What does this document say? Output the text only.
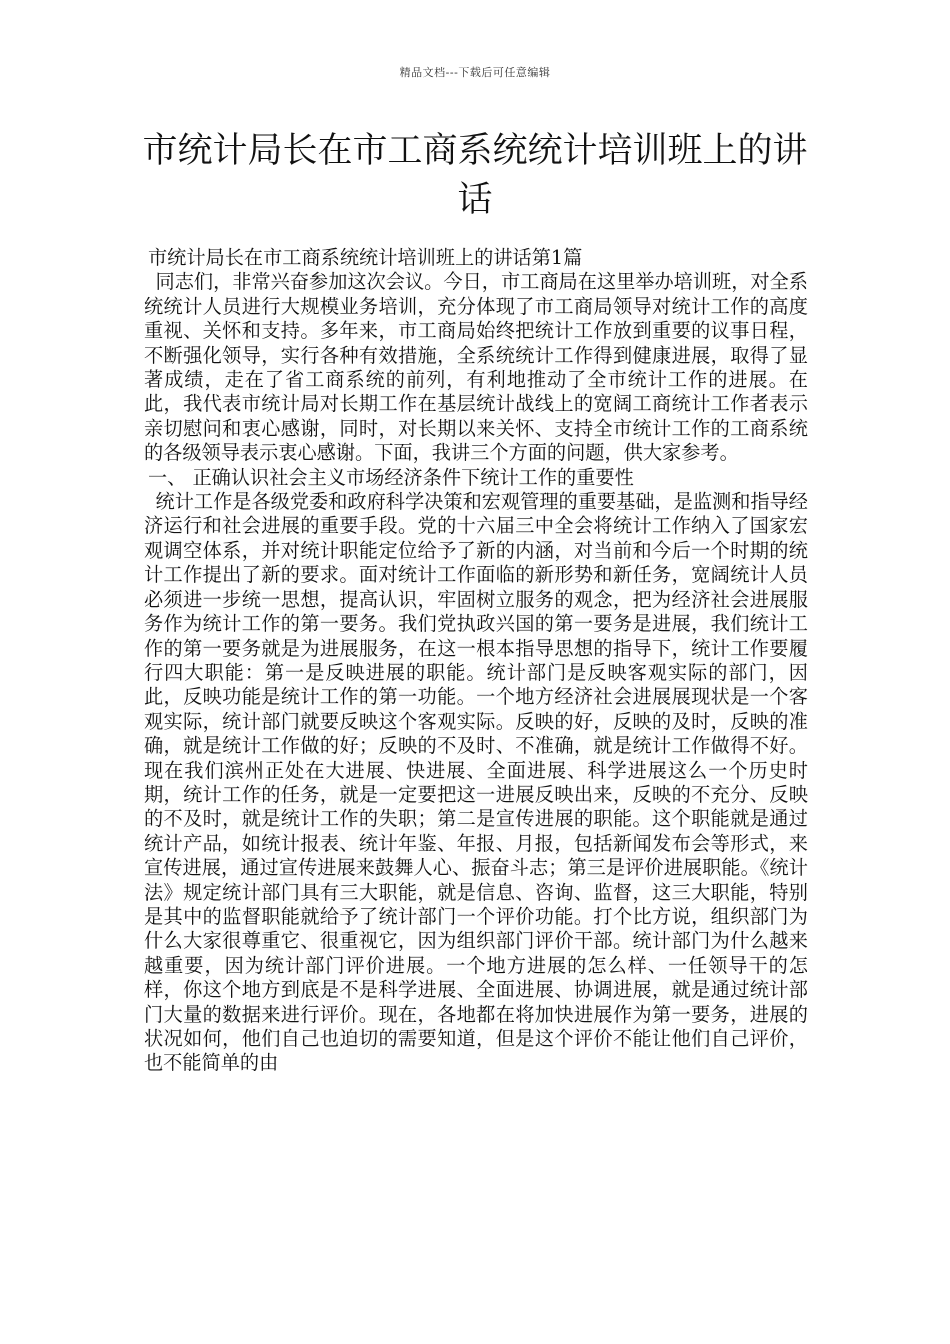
精品文档---下载后可任意编辑
市统计局长在市工商系统统计培训班上的讲话

市统计局长在市工商系统统计培训班上的讲话第1篇

同志们，非常兴奋参加这次会议。今日，市工商局在这里举办培训班，对全系统统计人员进行大规模业务培训，充分体现了市工商局领导对统计工作的高度重视、关怀和支持。多年来，市工商局始终把统计工作放到重要的议事日程，不断强化领导，实行各种有效措施，全系统统计工作得到健康进展，取得了显著成绩，走在了省工商系统的前列，有利地推动了全市统计工作的进展。在此，我代表市统计局对长期工作在基层统计战线上的宽阔工商统计工作者表示亲切慰问和衷心感谢，同时，对长期以来关怀、支持全市统计工作的工商系统的各级领导表示衷心感谢。下面，我讲三个方面的问题，供大家参考。

一、 正确认识社会主义市场经济条件下统计工作的重要性

统计工作是各级党委和政府科学决策和宏观管理的重要基础，是监测和指导经济运行和社会进展的重要手段。党的十六届三中全会将统计工作纳入了国家宏观调空体系，并对统计职能定位给予了新的内涵，对当前和今后一个时期的统计工作提出了新的要求。面对统计工作面临的新形势和新任务，宽阔统计人员必须进一步统一思想，提高认识，牢固树立服务的观念，把为经济社会进展服务作为统计工作的第一要务。我们党执政兴国的第一要务是进展，我们统计工作的第一要务就是为进展服务，在这一根本指导思想的指导下，统计工作要履行四大职能：第一是反映进展的职能。统计部门是反映客观实际的部门，因此，反映功能是统计工作的第一功能。一个地方经济社会进展展现状是一个客观实际，统计部门就要反映这个客观实际。反映的好，反映的及时，反映的准确，就是统计工作做的好；反映的不及时、不准确，就是统计工作做得不好。现在我们滨州正处在大进展、快进展、全面进展、科学进展这么一个历史时期，统计工作的任务，就是一定要把这一进展反映出来，反映的不充分、反映的不及时，就是统计工作的失职；第二是宣传进展的职能。这个职能就是通过统计产品，如统计报表、统计年鉴、年报、月报，包括新闻发布会等形式，来宣传进展，通过宣传进展来鼓舞人心、振奋斗志；第三是评价进展职能。《统计法》规定统计部门具有三大职能，就是信息、咨询、监督，这三大职能，特别是其中的监督职能就给予了统计部门一个评价功能。打个比方说，组织部门为什么大家很尊重它、很重视它，因为组织部门评价干部。统计部门为什么越来越重要，因为统计部门评价进展。一个地方进展的怎么样、一任领导干的怎样，你这个地方到底是不是科学进展、全面进展、协调进展，就是通过统计部门大量的数据来进行评价。现在，各地都在将加快进展作为第一要务，进展的状况如何，他们自己也迫切的需要知道，但是这个评价不能让他们自己评价，也不能简单的由
